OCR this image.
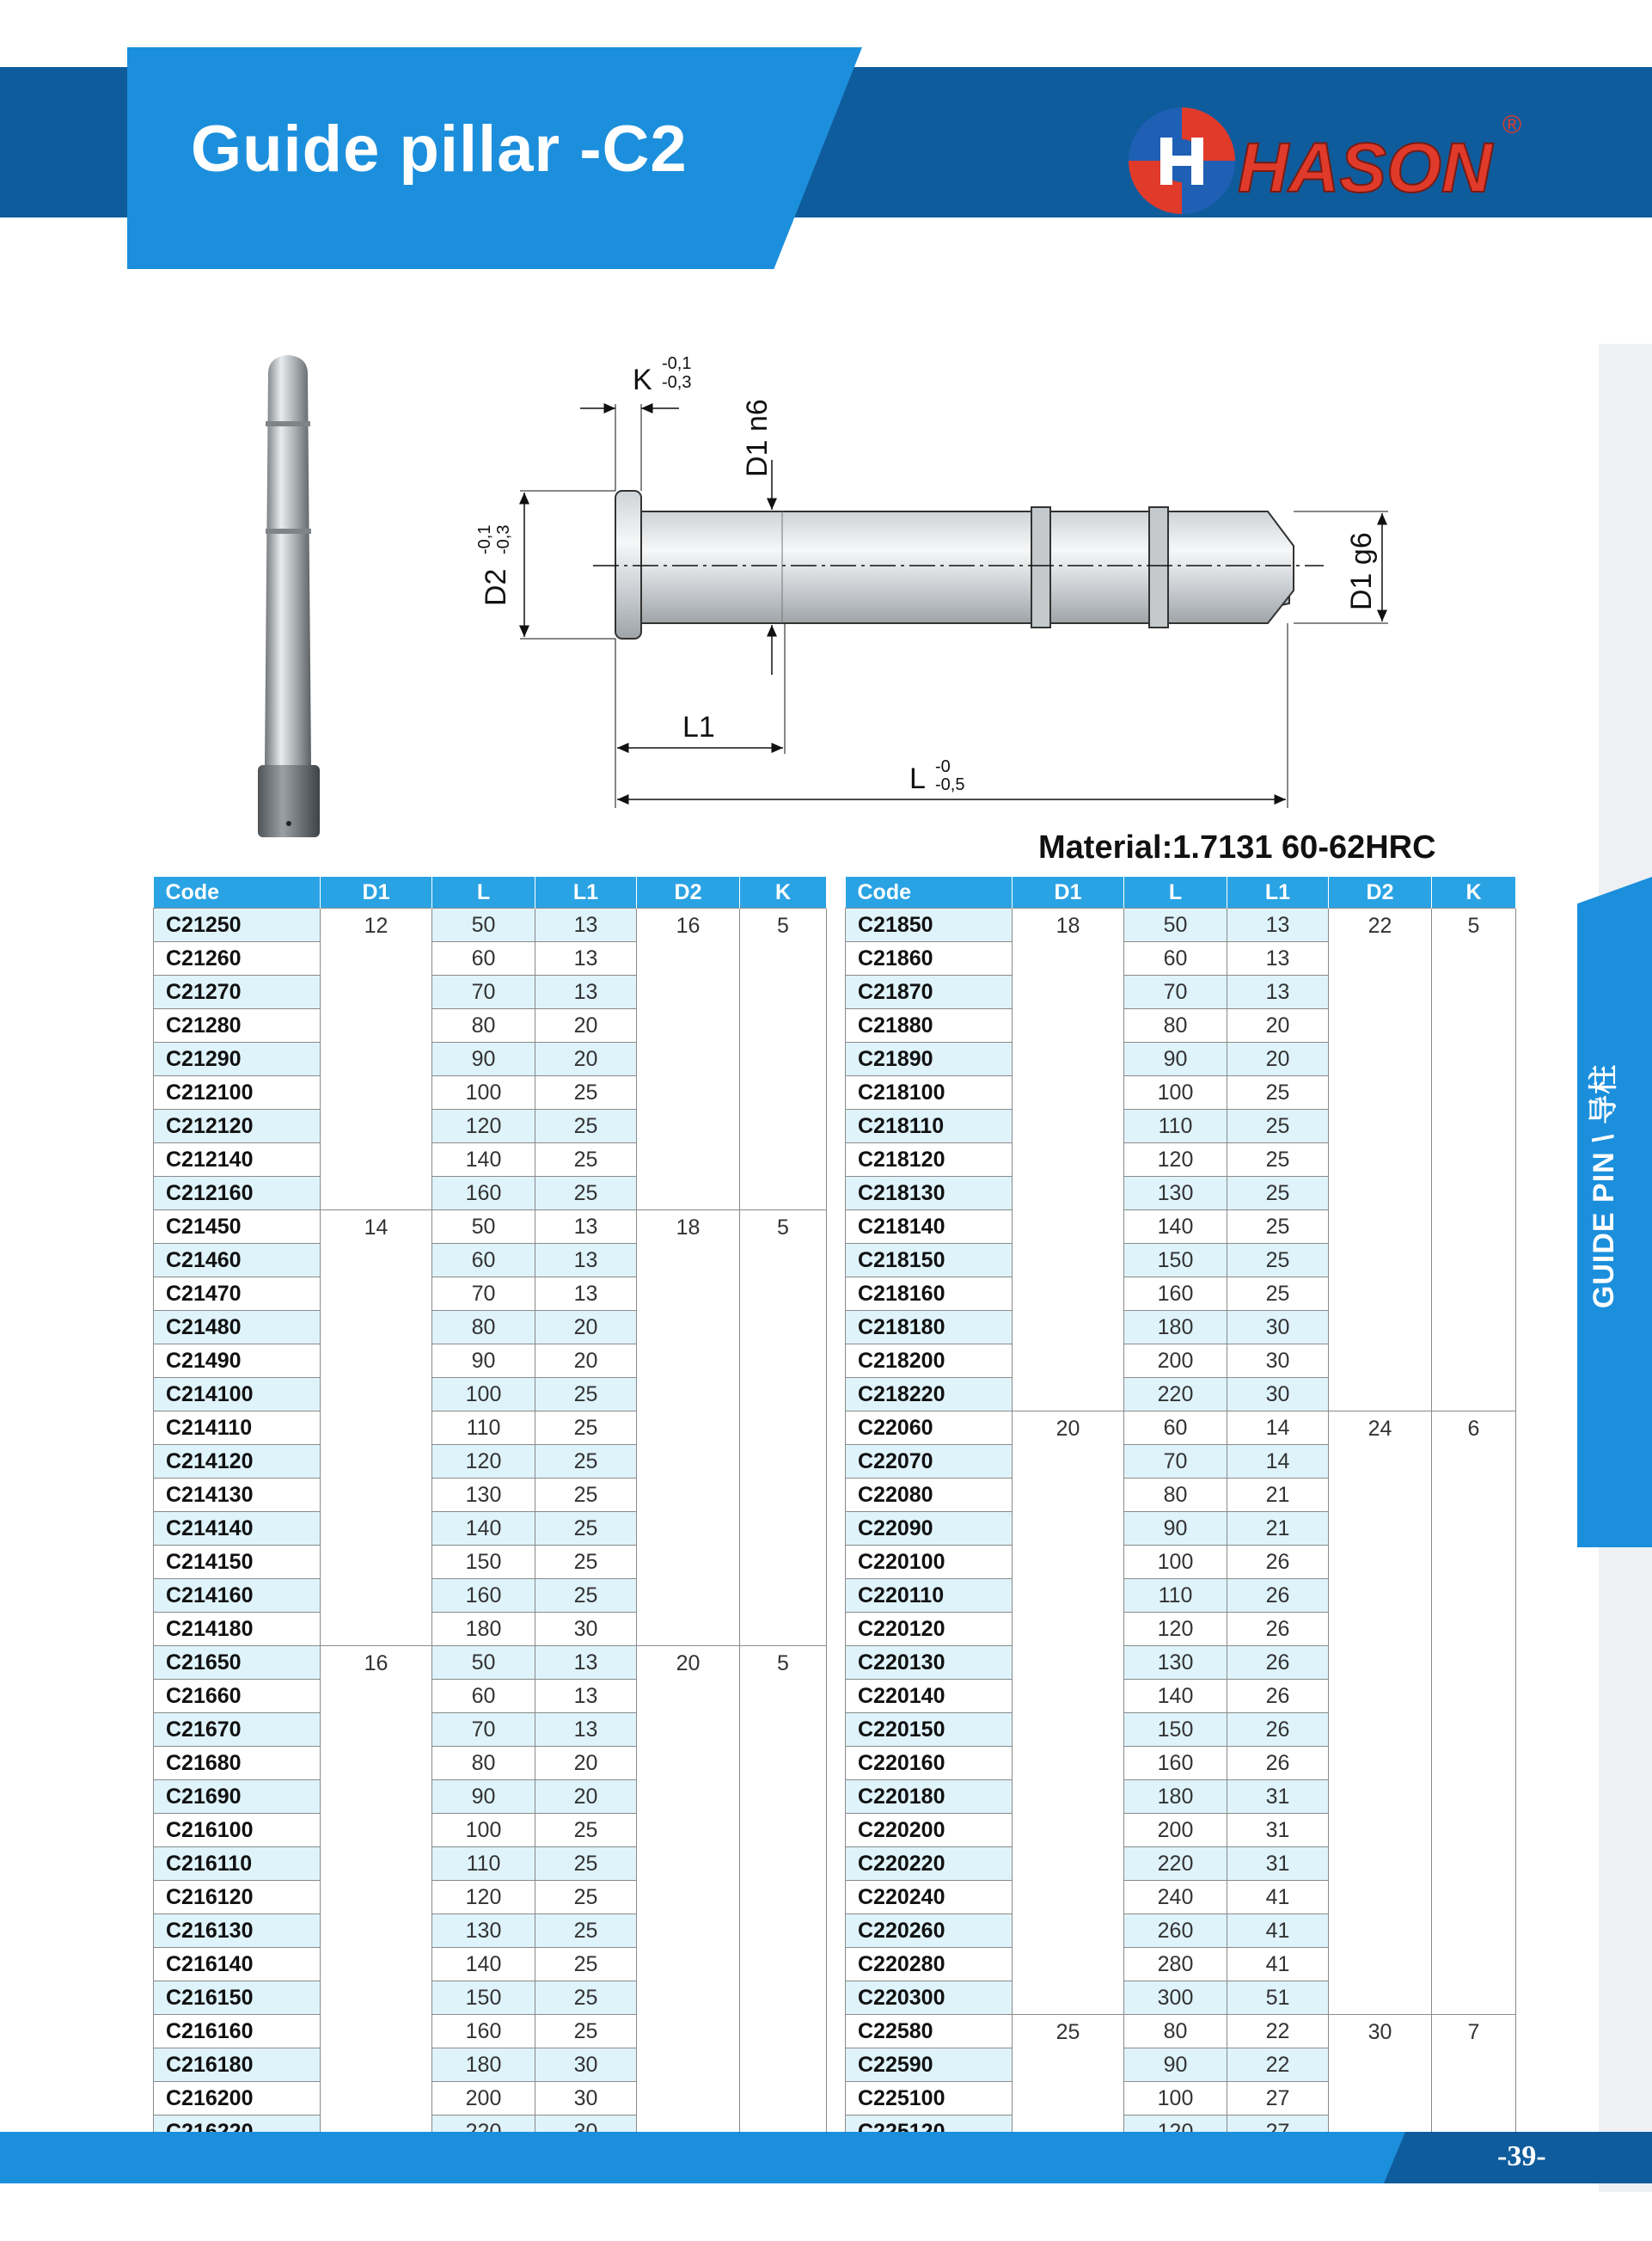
Guide pillar -C2	HASON
®
K -0,1
-0,3
D1 n6
D2
-0,1 -0,3	D1 g6
L1
L -0
-0,5
Material:1.7131 60-62HRC
GUIDE PIN \ 导柱
Code	D1	L	L1	D2	K
C21250	12	50	13	16	5
C21260		60	13		
C21270		70	13		
C21280		80	20		
C21290		90	20		
C212100		100	25		
C212120		120	25		
C212140		140	25		
C212160		160	25		
C21450	14	50	13	18	5
C21460		60	13		
C21470		70	13		
C21480		80	20		
C21490		90	20		
C214100		100	25		
C214110		110	25		
C214120		120	25		
C214130		130	25		
C214140		140	25		
C214150		150	25		
C214160		160	25		
C214180		180	30		
C21650	16	50	13	20	5
C21660		60	13		
C21670		70	13		
C21680		80	20		
C21690		90	20		
C216100		100	25		
C216110		110	25		
C216120		120	25		
C216130		130	25		
C216140		140	25		
C216150		150	25		
C216160		160	25		
C216180		180	30		
C216200		200	30		

Code	D1	L	L1	D2	K
C21850	18	50	13	22	5
C21860		60	13		
C21870		70	13		
C21880		80	20		
C21890		90	20		
C218100		100	25		
C218110		110	25		
C218120		120	25		
C218130		130	25		
C218140		140	25		
C218150		150	25		
C218160		160	25		
C218180		180	30		
C218200		200	30		
C218220		220	30		
C22060	20	60	14	24	6
C22070		70	14		
C22080		80	21		
C22090		90	21		
C220100		100	26		
C220110		110	26		
C220120		120	26		
C220130		130	26		
C220140		140	26		
C220150		150	26		
C220160		160	26		
C220180		180	31		
C220200		200	31		
C220220		220	31		
C220240		240	41		
C220260		260	41		
C220280		280	41		
C220300		300	51		
C22580	25	80	22	30	7
C22590		90	22		
C225100		100	27		

-39-
